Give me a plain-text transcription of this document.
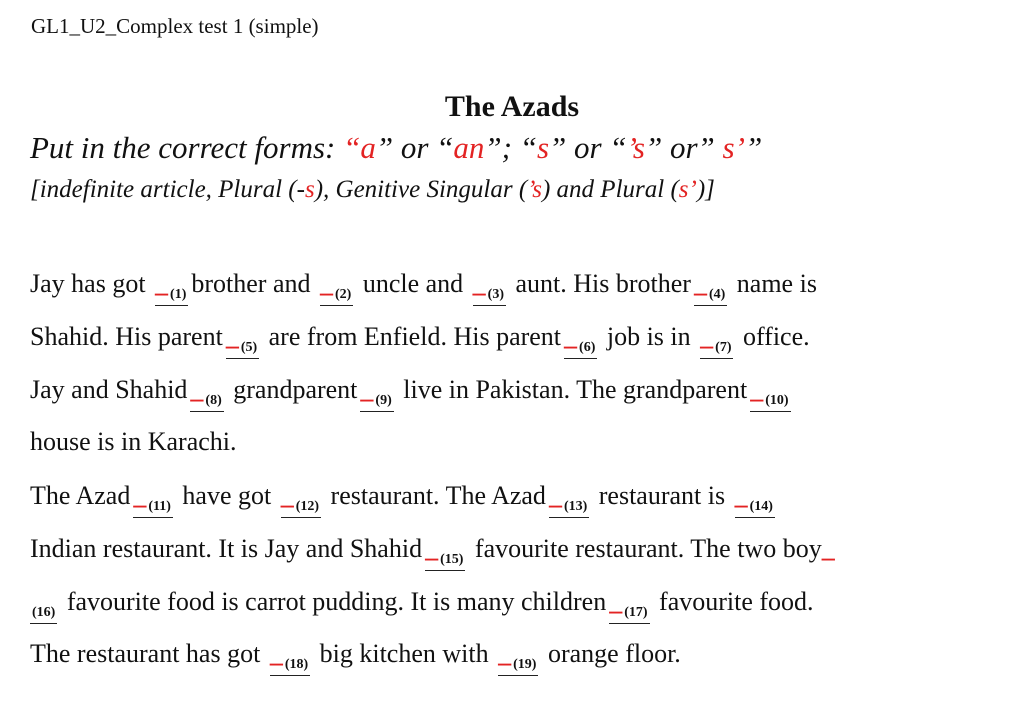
GL1_U2_Complex test 1 (simple)
The Azads
Put in the correct forms: “a” or “an”; “s” or “’s” or” s’”
[indefinite article, Plural (-s), Genitive Singular (’s) and Plural (s’)]
Jay has got _ $_{(1)}$ brother and _ $_{(2)}$ uncle and _ $_{(3)}$ aunt. His brother _ $_{(4)}$ name is
Shahid. His parent _ $_{(5)}$ are from Enfield. His parent _ $_{(6)}$ job is in _ $_{(7)}$ office.
Jay and Shahid _ $_{(8)}$ grandparent _ $_{(9)}$ live in Pakistan. The grandparent _ $_{(10)}$
house is in Karachi.
The Azad _ $_{(11)}$ have got _ $_{(12)}$ restaurant. The Azad _ $_{(13)}$ restaurant is _ $_{(14)}$
Indian restaurant. It is Jay and Shahid _ $_{(15)}$ favourite restaurant. The two boy_
$_{(16)}$ favourite food is carrot pudding. It is many children _ $_{(17)}$ favourite food.
The restaurant has got _ $_{(18)}$ big kitchen with _ $_{(19)}$ orange floor.
